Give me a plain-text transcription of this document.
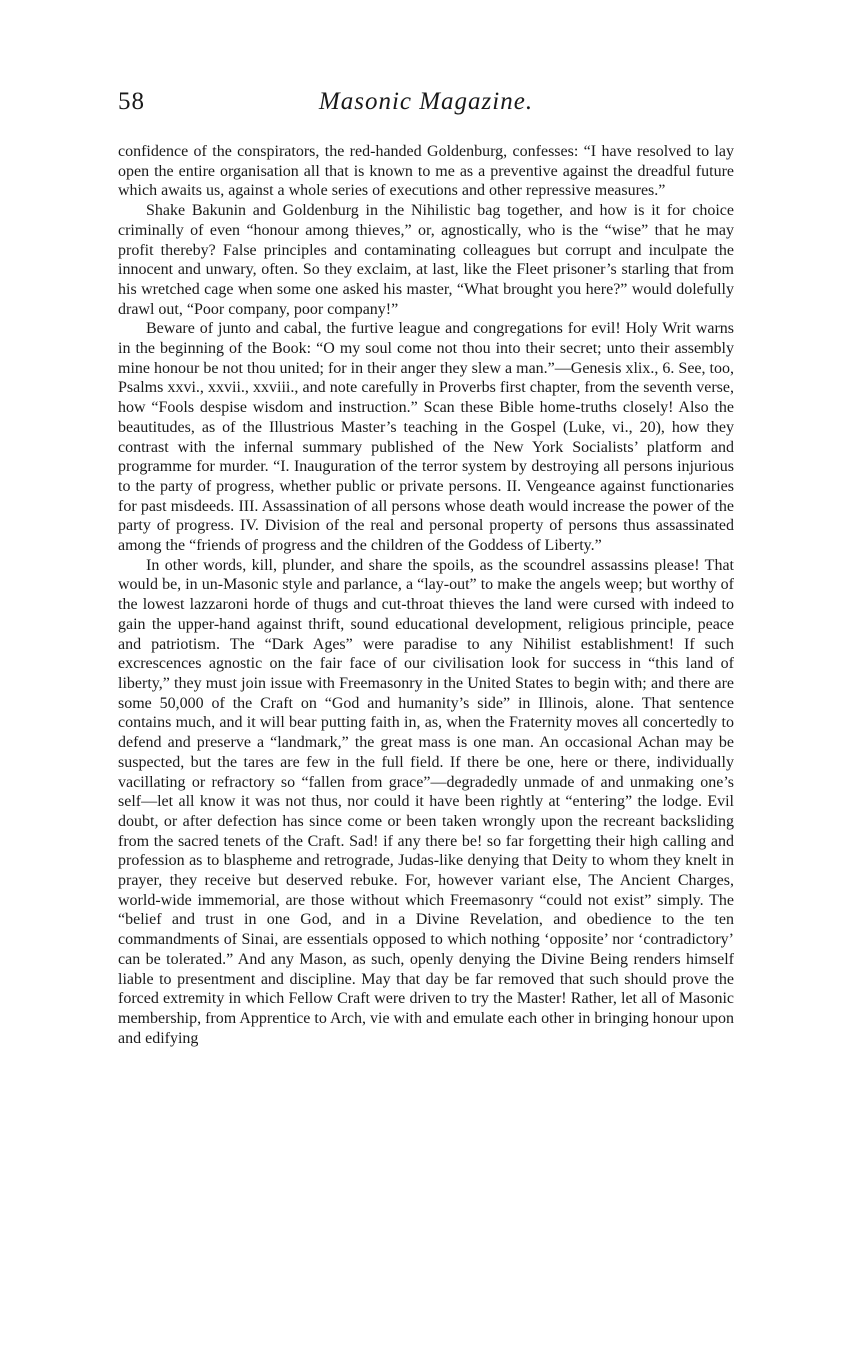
58	Masonic Magazine.

confidence of the conspirators, the red-handed Goldenburg, confesses: “I have resolved to lay open the entire organisation all that is known to me as a preventive against the dreadful future which awaits us, against a whole series of executions and other repressive measures.”

Shake Bakunin and Goldenburg in the Nihilistic bag together, and how is it for choice criminally of even “honour among thieves,” or, agnostically, who is the “wise” that he may profit thereby? False principles and contaminating colleagues but corrupt and inculpate the innocent and unwary, often. So they exclaim, at last, like the Fleet prisoner’s starling that from his wretched cage when some one asked his master, “What brought you here?” would dolefully drawl out, “Poor company, poor company!”

Beware of junto and cabal, the furtive league and congregations for evil! Holy Writ warns in the beginning of the Book: “O my soul come not thou into their secret; unto their assembly mine honour be not thou united; for in their anger they slew a man.”—Genesis xlix., 6. See, too, Psalms xxvi., xxvii., xxviii., and note carefully in Proverbs first chapter, from the seventh verse, how “Fools despise wisdom and instruction.” Scan these Bible home-truths closely! Also the beautitudes, as of the Illustrious Master’s teaching in the Gospel (Luke, vi., 20), how they contrast with the infernal summary published of the New York Socialists’ platform and programme for murder. “I. Inauguration of the terror system by destroying all persons injurious to the party of progress, whether public or private persons. II. Vengeance against functionaries for past misdeeds. III. Assassination of all persons whose death would increase the power of the party of progress. IV. Division of the real and personal property of persons thus assassinated among the “friends of progress and the children of the Goddess of Liberty.”

In other words, kill, plunder, and share the spoils, as the scoundrel assassins please! That would be, in un-Masonic style and parlance, a “lay-out” to make the angels weep; but worthy of the lowest lazzaroni horde of thugs and cut-throat thieves the land were cursed with indeed to gain the upper-hand against thrift, sound educational development, religious principle, peace and patriotism. The “Dark Ages” were paradise to any Nihilist establishment! If such excrescences agnostic on the fair face of our civilisation look for success in “this land of liberty,” they must join issue with Freemasonry in the United States to begin with; and there are some 50,000 of the Craft on “God and humanity’s side” in Illinois, alone. That sentence contains much, and it will bear putting faith in, as, when the Fraternity moves all concertedly to defend and preserve a “landmark,” the great mass is one man. An occasional Achan may be suspected, but the tares are few in the full field. If there be one, here or there, individually vacillating or refractory so “fallen from grace”—degradedly unmade of and unmaking one’s self—let all know it was not thus, nor could it have been rightly at “entering” the lodge. Evil doubt, or after defection has since come or been taken wrongly upon the recreant backsliding from the sacred tenets of the Craft. Sad! if any there be! so far forgetting their high calling and profession as to blaspheme and retrograde, Judas-like denying that Deity to whom they knelt in prayer, they receive but deserved rebuke. For, however variant else, The Ancient Charges, world-wide immemorial, are those without which Freemasonry “could not exist” simply. The “belief and trust in one God, and in a Divine Revelation, and obedience to the ten commandments of Sinai, are essentials opposed to which nothing ‘opposite’ nor ‘contradictory’ can be tolerated.” And any Mason, as such, openly denying the Divine Being renders himself liable to presentment and discipline. May that day be far removed that such should prove the forced extremity in which Fellow Craft were driven to try the Master! Rather, let all of Masonic membership, from Apprentice to Arch, vie with and emulate each other in bringing honour upon and edifying
